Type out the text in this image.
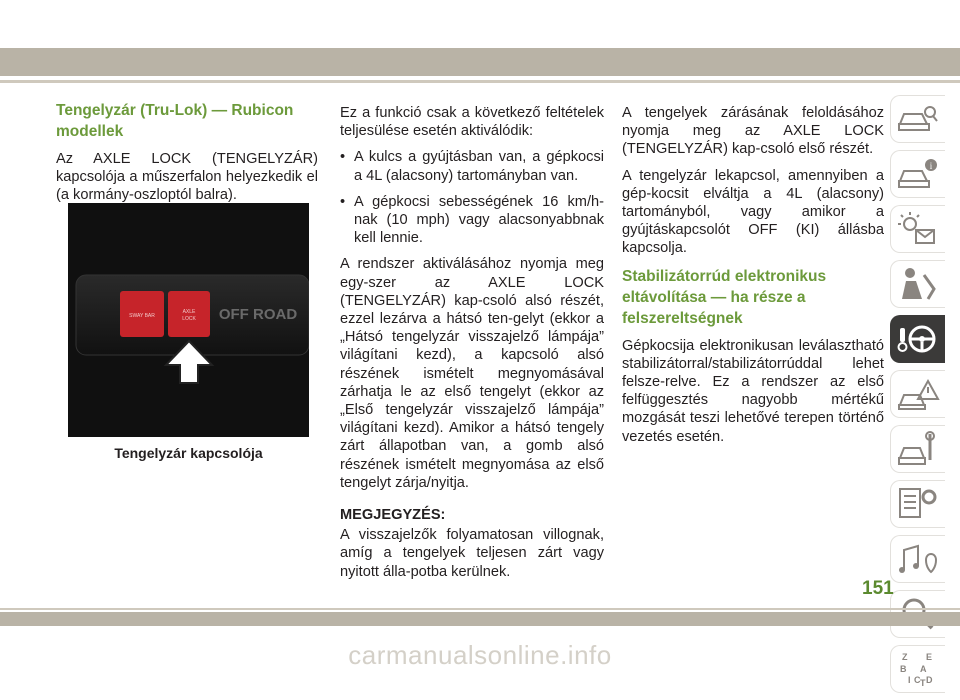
Tengelyzár (Tru-Lok) — Rubicon modellek

Az AXLE LOCK (TENGELYZÁR) kapcsolója a műszerfalon helyezkedik el (a kormány-oszloptól balra).

SWAY BAR
AXLE
LOCK OFF ROAD
Tengelyzár kapcsolója

Ez a funkció csak a következő feltételek teljesülése esetén aktiválódik:

• A kulcs a gyújtásban van, a gépkocsi a 4L (alacsony) tartományban van.
• A gépkocsi sebességének 16 km/h-nak (10 mph) vagy alacsonyabbnak kell lennie.

A rendszer aktiválásához nyomja meg egy-szer az AXLE LOCK (TENGELYZÁR) kap-csoló alsó részét, ezzel lezárva a hátsó ten-gelyt (ekkor a „Hátsó tengelyzár visszajelző lámpája” világítani kezd), a kapcsoló alsó részének ismételt megnyomásával zárhatja le az első tengelyt (ekkor az „Első tengelyzár visszajelző lámpája” világítani kezd). Amikor a hátsó tengely zárt állapotban van, a gomb alsó részének ismételt megnyomása az első tengelyt zárja/nyitja.

MEGJEGYZÉS:

A visszajelzők folyamatosan villognak, amíg a tengelyek teljesen zárt vagy nyitott álla-potba kerülnek.

A tengelyek zárásának feloldásához nyomja meg az AXLE LOCK (TENGELYZÁR) kap-csoló első részét.

A tengelyzár lekapcsol, amennyiben a gép-kocsit elváltja a 4L (alacsony) tartományból, vagy amikor a gyújtáskapcsolót OFF (KI) állásba kapcsolja.

Stabilizátorrúd elektronikus eltávolítása — ha része a felszereltségnek

Gépkocsija elektronikusan leválasztható stabilizátorral/stabilizátorrúddal lehet felsze-relve. Ez a rendszer az első felfüggesztés nagyobb mértékű mozgását teszi lehetővé terepen történő vezetés esetén.

i
Z E
B A
I C D
T
151
carmanualsonline.info
